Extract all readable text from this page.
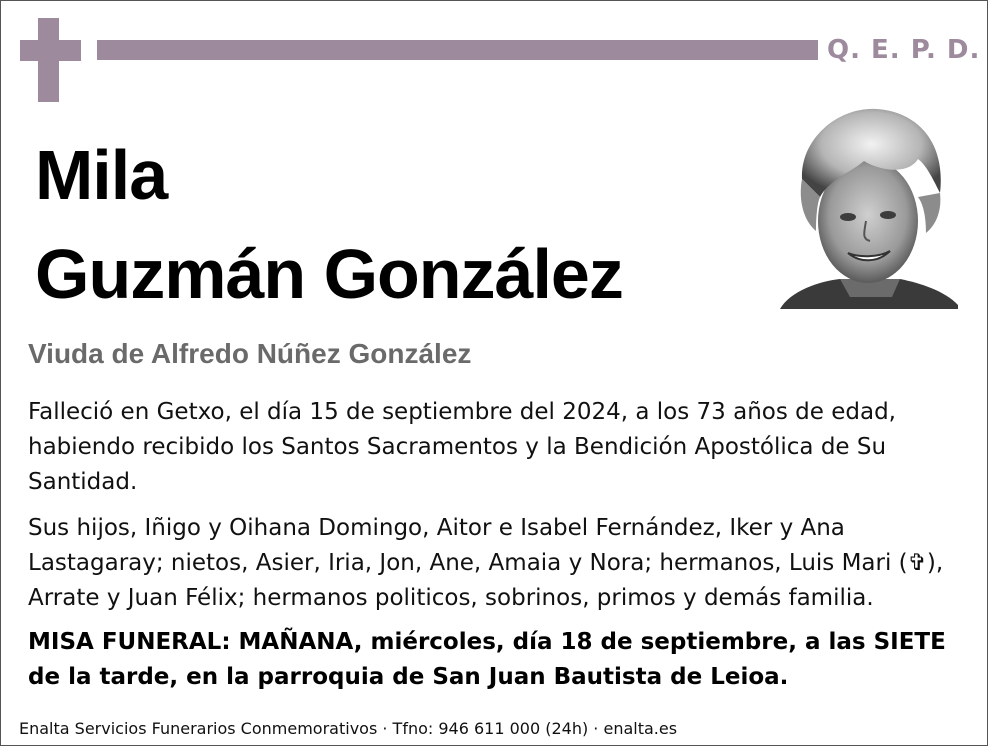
Q. E. P. D.
Mila
Guzmán González
Viuda de Alfredo Núñez González

Falleció en Getxo, el día 15 de septiembre del 2024, a los 73 años de edad, habiendo recibido los Santos Sacramentos y la Bendición Apostólica de Su Santidad.

Sus hijos, Iñigo y Oihana Domingo, Aitor e Isabel Fernández, Iker y Ana Lastagaray; nietos, Asier, Iria, Jon, Ane, Amaia y Nora; hermanos, Luis Mari (✞), Arrate y Juan Félix; hermanos politicos, sobrinos, primos y demás familia.

MISA FUNERAL: MAÑANA, miércoles, día 18 de septiembre, a las SIETE de la tarde, en la parroquia de San Juan Bautista de Leioa.

Enalta Servicios Funerarios Conmemorativos · Tfno: 946 611 000 (24h) · enalta.es
